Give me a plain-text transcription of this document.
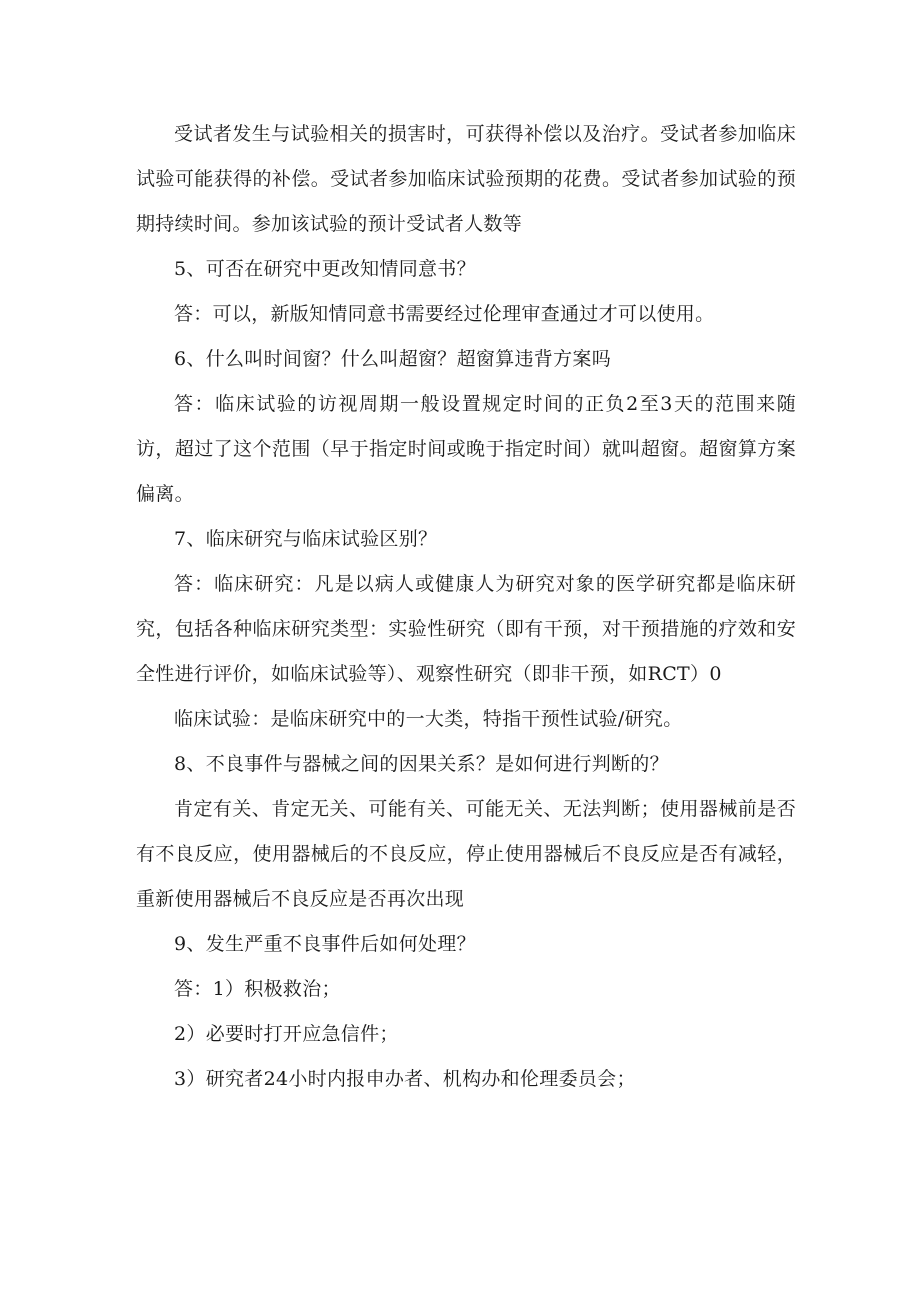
受试者发生与试验相关的损害时，可获得补偿以及治疗。受试者参加临床试验可能获得的补偿。受试者参加临床试验预期的花费。受试者参加试验的预期持续时间。参加该试验的预计受试者人数等

5、可否在研究中更改知情同意书？

答：可以，新版知情同意书需要经过伦理审查通过才可以使用。

6、什么叫时间窗？什么叫超窗？超窗算违背方案吗

答：临床试验的访视周期一般设置规定时间的正负2至3天的范围来随访，超过了这个范围（早于指定时间或晚于指定时间）就叫超窗。超窗算方案偏离。

7、临床研究与临床试验区别？

答：临床研究：凡是以病人或健康人为研究对象的医学研究都是临床研究，包括各种临床研究类型：实验性研究（即有干预，对干预措施的疗效和安全性进行评价，如临床试验等）、观察性研究（即非干预，如RCT）0

临床试验：是临床研究中的一大类，特指干预性试验/研究。

8、不良事件与器械之间的因果关系？是如何进行判断的？

肯定有关、肯定无关、可能有关、可能无关、无法判断；使用器械前是否有不良反应，使用器械后的不良反应，停止使用器械后不良反应是否有减轻，重新使用器械后不良反应是否再次出现

9、发生严重不良事件后如何处理？

答：1）积极救治；

2）必要时打开应急信件；

3）研究者24小时内报申办者、机构办和伦理委员会；
